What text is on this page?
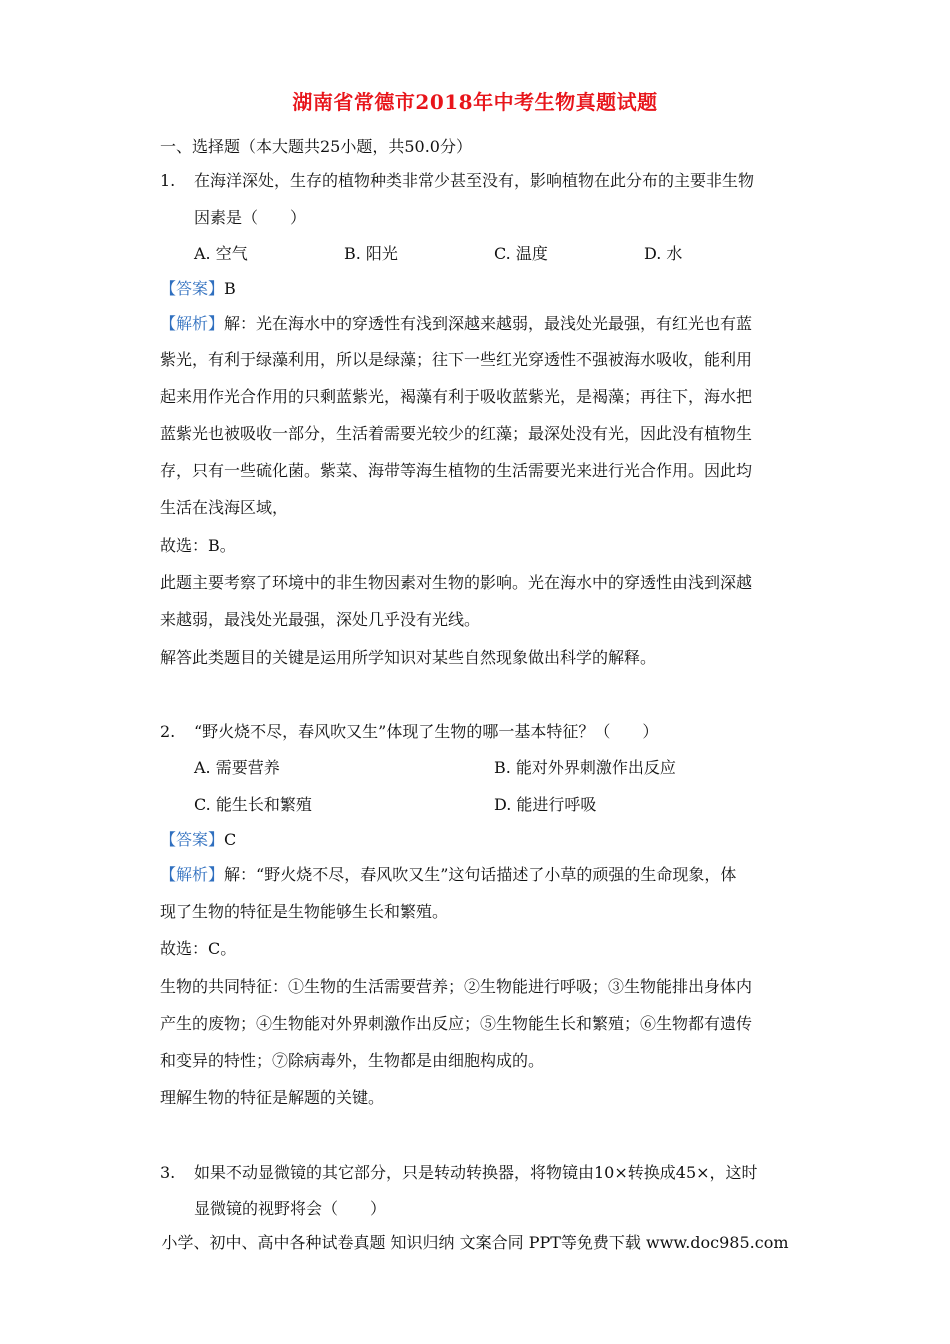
湖南省常德市2018年中考生物真题试题
一、选择题（本大题共25小题，共50.0分）
1. 在海洋深处，生存的植物种类非常少甚至没有，影响植物在此分布的主要非生物
因素是（　　）
A. 空气	B. 阳光	C. 温度	D. 水
【答案】B
【解析】解：光在海水中的穿透性有浅到深越来越弱，最浅处光最强，有红光也有蓝
紫光，有利于绿藻利用，所以是绿藻；往下一些红光穿透性不强被海水吸收，能利用
起来用作光合作用的只剩蓝紫光，褐藻有利于吸收蓝紫光，是褐藻；再往下，海水把
蓝紫光也被吸收一部分，生活着需要光较少的红藻；最深处没有光，因此没有植物生
存，只有一些硫化菌。紫菜、海带等海生植物的生活需要光来进行光合作用。因此均
生活在浅海区域，
故选：B。
此题主要考察了环境中的非生物因素对生物的影响。光在海水中的穿透性由浅到深越
来越弱，最浅处光最强，深处几乎没有光线。
解答此类题目的关键是运用所学知识对某些自然现象做出科学的解释。
2. “野火烧不尽，春风吹又生”体现了生物的哪一基本特征？（　　）
A. 需要营养	B. 能对外界刺激作出反应
C. 能生长和繁殖	D. 能进行呼吸
【答案】C
【解析】解：“野火烧不尽，春风吹又生”这句话描述了小草的顽强的生命现象，体
现了生物的特征是生物能够生长和繁殖。
故选：C。
生物的共同特征：①生物的生活需要营养；②生物能进行呼吸；③生物能排出身体内
产生的废物；④生物能对外界刺激作出反应；⑤生物能生长和繁殖；⑥生物都有遗传
和变异的特性；⑦除病毒外，生物都是由细胞构成的。
理解生物的特征是解题的关键。
3. 如果不动显微镜的其它部分，只是转动转换器，将物镜由10×转换成45×，这时
显微镜的视野将会（　　）
小学、初中、高中各种试卷真题 知识归纳 文案合同 PPT等免费下载 www.doc985.com
